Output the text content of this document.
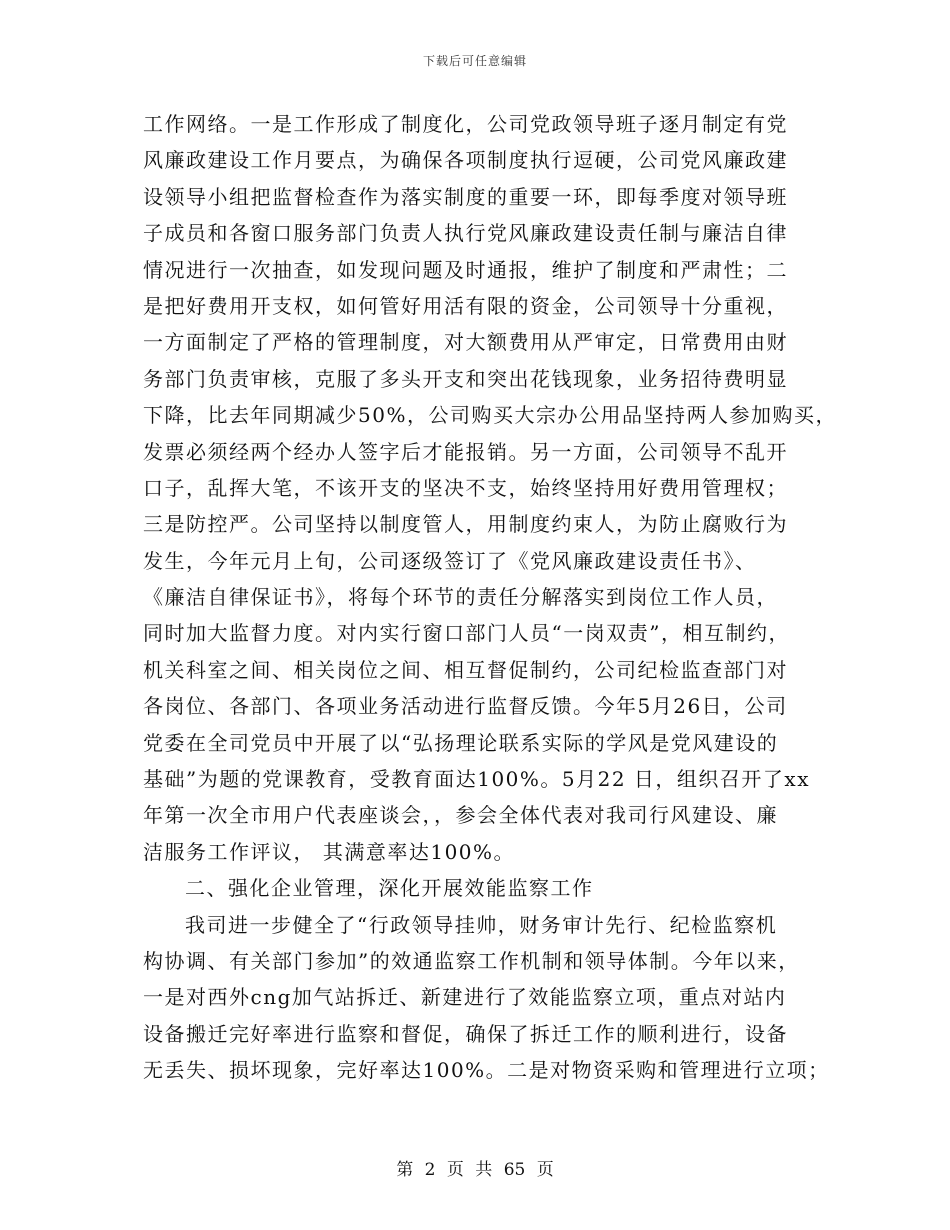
下载后可任意编辑
工作网络。一是工作形成了制度化，公司党政领导班子逐月制定有党
风廉政建设工作月要点，为确保各项制度执行逗硬，公司党风廉政建
设领导小组把监督检查作为落实制度的重要一环，即每季度对领导班
子成员和各窗口服务部门负责人执行党风廉政建设责任制与廉洁自律
情况进行一次抽查，如发现问题及时通报，维护了制度和严肃性；二
是把好费用开支权，如何管好用活有限的资金，公司领导十分重视，
一方面制定了严格的管理制度，对大额费用从严审定，日常费用由财
务部门负责审核，克服了多头开支和突出花钱现象，业务招待费明显
下降，比去年同期减少50%，公司购买大宗办公用品坚持两人参加购买，
发票必须经两个经办人签字后才能报销。另一方面，公司领导不乱开
口子，乱挥大笔，不该开支的坚决不支，始终坚持用好费用管理权；
三是防控严。公司坚持以制度管人，用制度约束人，为防止腐败行为
发生，今年元月上旬，公司逐级签订了《党风廉政建设责任书》、
《廉洁自律保证书》，将每个环节的责任分解落实到岗位工作人员，
同时加大监督力度。对内实行窗口部门人员“一岗双责”，相互制约，
机关科室之间、相关岗位之间、相互督促制约，公司纪检监查部门对
各岗位、各部门、各项业务活动进行监督反馈。今年5月26日，公司
党委在全司党员中开展了以“弘扬理论联系实际的学风是党风建设的
基础”为题的党课教育，受教育面达100%。5月22 日，组织召开了xx
年第一次全市用户代表座谈会，，参会全体代表对我司行风建设、廉
洁服务工作评议， 其满意率达100%。
二、强化企业管理，深化开展效能监察工作
我司进一步健全了“行政领导挂帅，财务审计先行、纪检监察机
构协调、有关部门参加”的效通监察工作机制和领导体制。今年以来，
一是对西外cng加气站拆迁、新建进行了效能监察立项，重点对站内
设备搬迁完好率进行监察和督促，确保了拆迁工作的顺利进行，设备
无丢失、损坏现象，完好率达100%。二是对物资采购和管理进行立项；
第 2 页 共 65 页
